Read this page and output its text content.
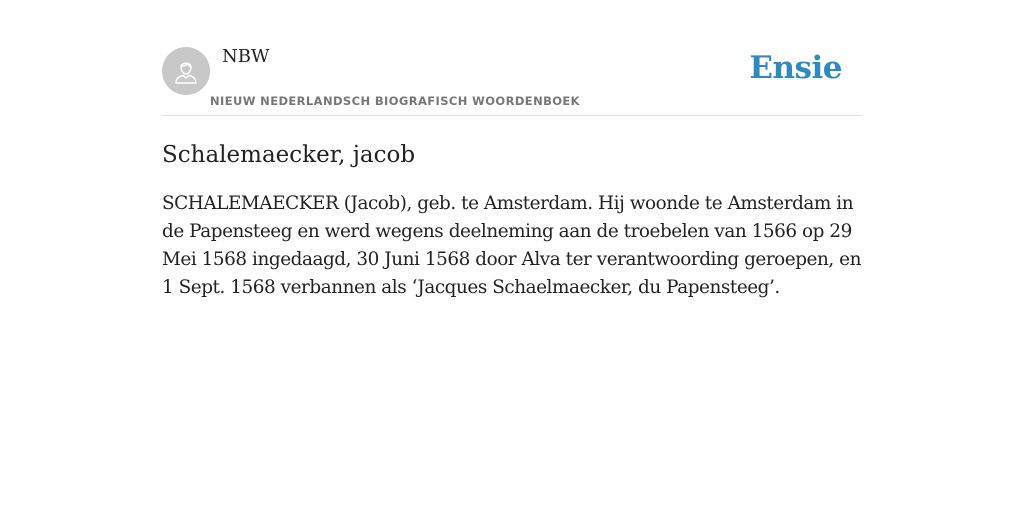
NBW
NIEUW NEDERLANDSCH BIOGRAFISCH WOORDENBOEK
Ensie
Schalemaecker, jacob

SCHALEMAECKER (Jacob), geb. te Amsterdam. Hij woonde te Amsterdam in de Papensteeg en werd wegens deelneming aan de troebelen van 1566 op 29 Mei 1568 ingedaagd, 30 Juni 1568 door Alva ter verantwoording geroepen, en 1 Sept. 1568 verbannen als ‘Jacques Schaelmaecker, du Papensteeg’.
